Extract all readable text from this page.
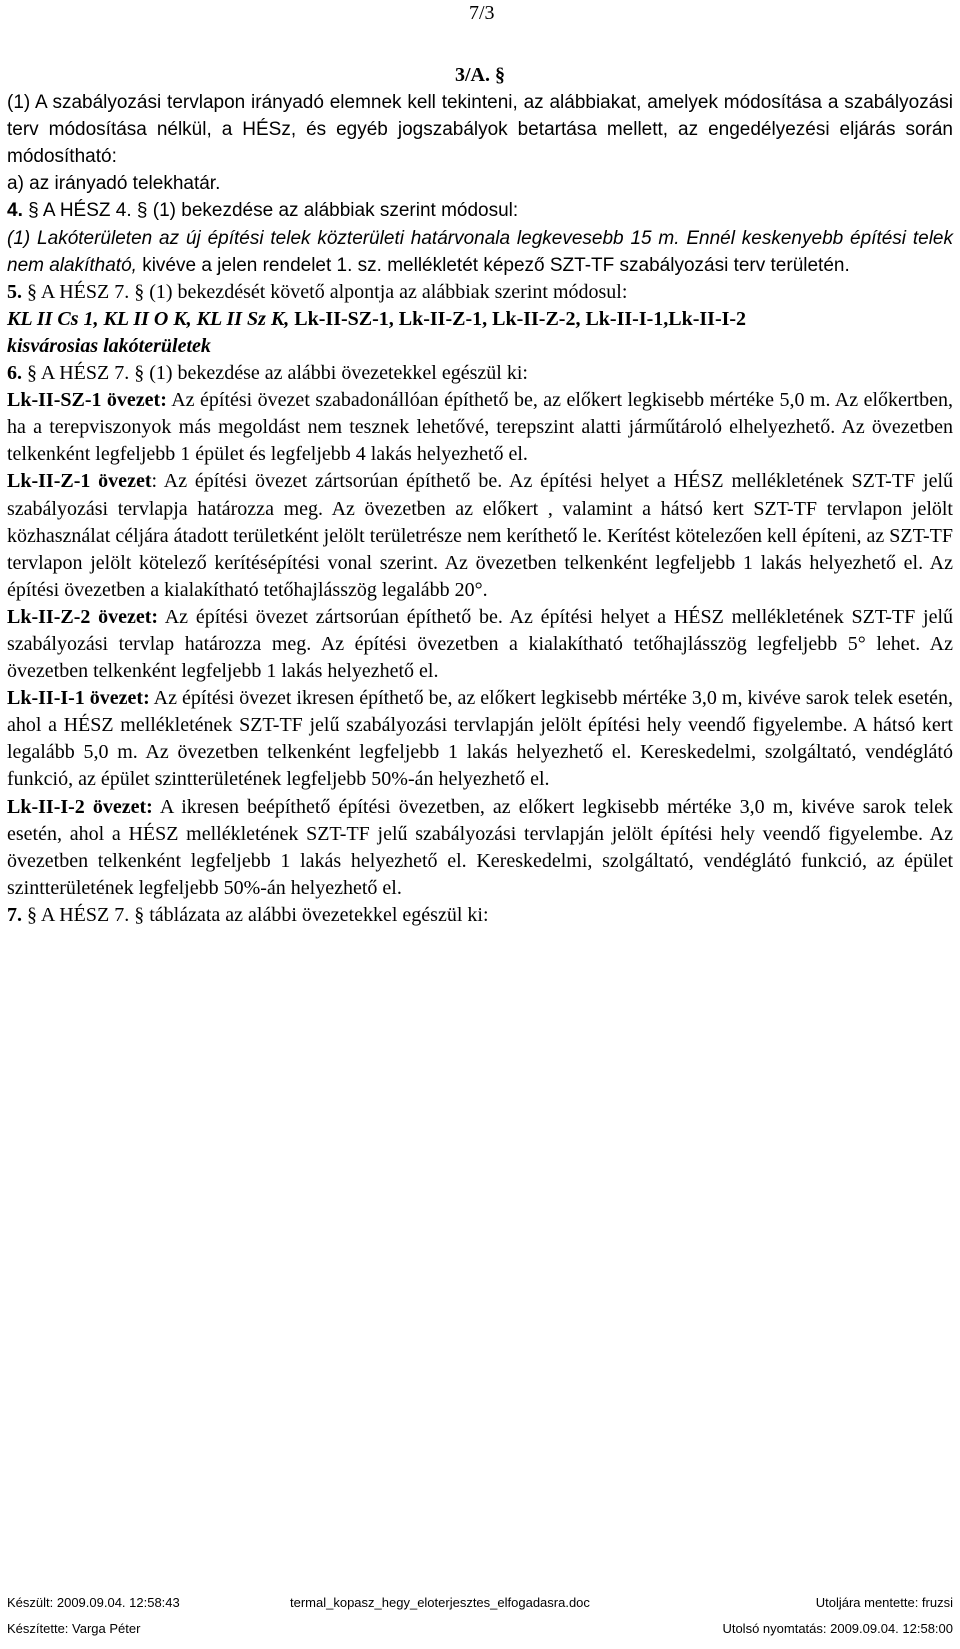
7/3

3/A. §

(1) A szabályozási tervlapon irányadó elemnek kell tekinteni, az alábbiakat, amelyek módosítása a szabályozási terv módosítása nélkül, a HÉSz, és egyéb jogszabályok betartása mellett, az engedélyezési eljárás során módosítható:

a) az irányadó telekhatár.

4. § A HÉSZ 4. § (1) bekezdése az alábbiak szerint módosul:

(1) Lakóterületen az új építési telek közterületi határvonala legkevesebb 15 m. Ennél keskenyebb építési telek nem alakítható, kivéve a jelen rendelet 1. sz. mellékletét képező SZT-TF szabályozási terv területén.

5. § A HÉSZ 7. § (1) bekezdését követő alpontja az alábbiak szerint módosul:

KL II Cs 1, KL II O K, KL II Sz K, Lk-II-SZ-1, Lk-II-Z-1, Lk-II-Z-2, Lk-II-I-1,Lk-II-I-2

kisvárosias lakóterületek

6. § A HÉSZ 7. § (1) bekezdése az alábbi övezetekkel egészül ki:

Lk-II-SZ-1 övezet: Az építési övezet szabadonállóan építhető be, az előkert legkisebb mértéke 5,0 m. Az előkertben, ha a terepviszonyok más megoldást nem tesznek lehetővé, terepszint alatti járműtároló elhelyezhető. Az övezetben telkenként legfeljebb 1 épület és legfeljebb 4 lakás helyezhető el.

Lk-II-Z-1 övezet: Az építési övezet zártsorúan építhető be. Az építési helyet a HÉSZ mellékletének SZT-TF jelű szabályozási tervlapja határozza meg. Az övezetben az előkert , valamint a hátsó kert SZT-TF tervlapon jelölt közhasználat céljára átadott területként jelölt területrésze nem keríthető le. Kerítést kötelezően kell építeni, az SZT-TF tervlapon jelölt kötelező kerítésépítési vonal szerint. Az övezetben telkenként legfeljebb 1 lakás helyezhető el. Az építési övezetben a kialakítható tetőhajlásszög legalább 20°.

Lk-II-Z-2 övezet: Az építési övezet zártsorúan építhető be. Az építési helyet a HÉSZ mellékletének SZT-TF jelű szabályozási tervlap határozza meg. Az építési övezetben a kialakítható tetőhajlásszög legfeljebb 5° lehet. Az övezetben telkenként legfeljebb 1 lakás helyezhető el.

Lk-II-I-1 övezet: Az építési övezet ikresen építhető be, az előkert legkisebb mértéke 3,0 m, kivéve sarok telek esetén, ahol a HÉSZ mellékletének SZT-TF jelű szabályozási tervlapján jelölt építési hely veendő figyelembe. A hátsó kert legalább 5,0 m. Az övezetben telkenként legfeljebb 1 lakás helyezhető el. Kereskedelmi, szolgáltató, vendéglátó funkció, az épület szintterületének legfeljebb 50%-án helyezhető el.

Lk-II-I-2 övezet: A ikresen beépíthető építési övezetben, az előkert legkisebb mértéke 3,0 m, kivéve sarok telek esetén, ahol a HÉSZ mellékletének SZT-TF jelű szabályozási tervlapján jelölt építési hely veendő figyelembe. Az övezetben telkenként legfeljebb 1 lakás helyezhető el. Kereskedelmi, szolgáltató, vendéglátó funkció, az épület szintterületének legfeljebb 50%-án helyezhető el.

7. § A HÉSZ 7. § táblázata az alábbi övezetekkel egészül ki:

Készült: 2009.09.04. 12:58:43	termal_kopasz_hegy_eloterjesztes_elfogadasra.doc	Utoljára mentette: fruzsi
Készítette: Varga Péter	Utolsó nyomtatás: 2009.09.04. 12:58:00
